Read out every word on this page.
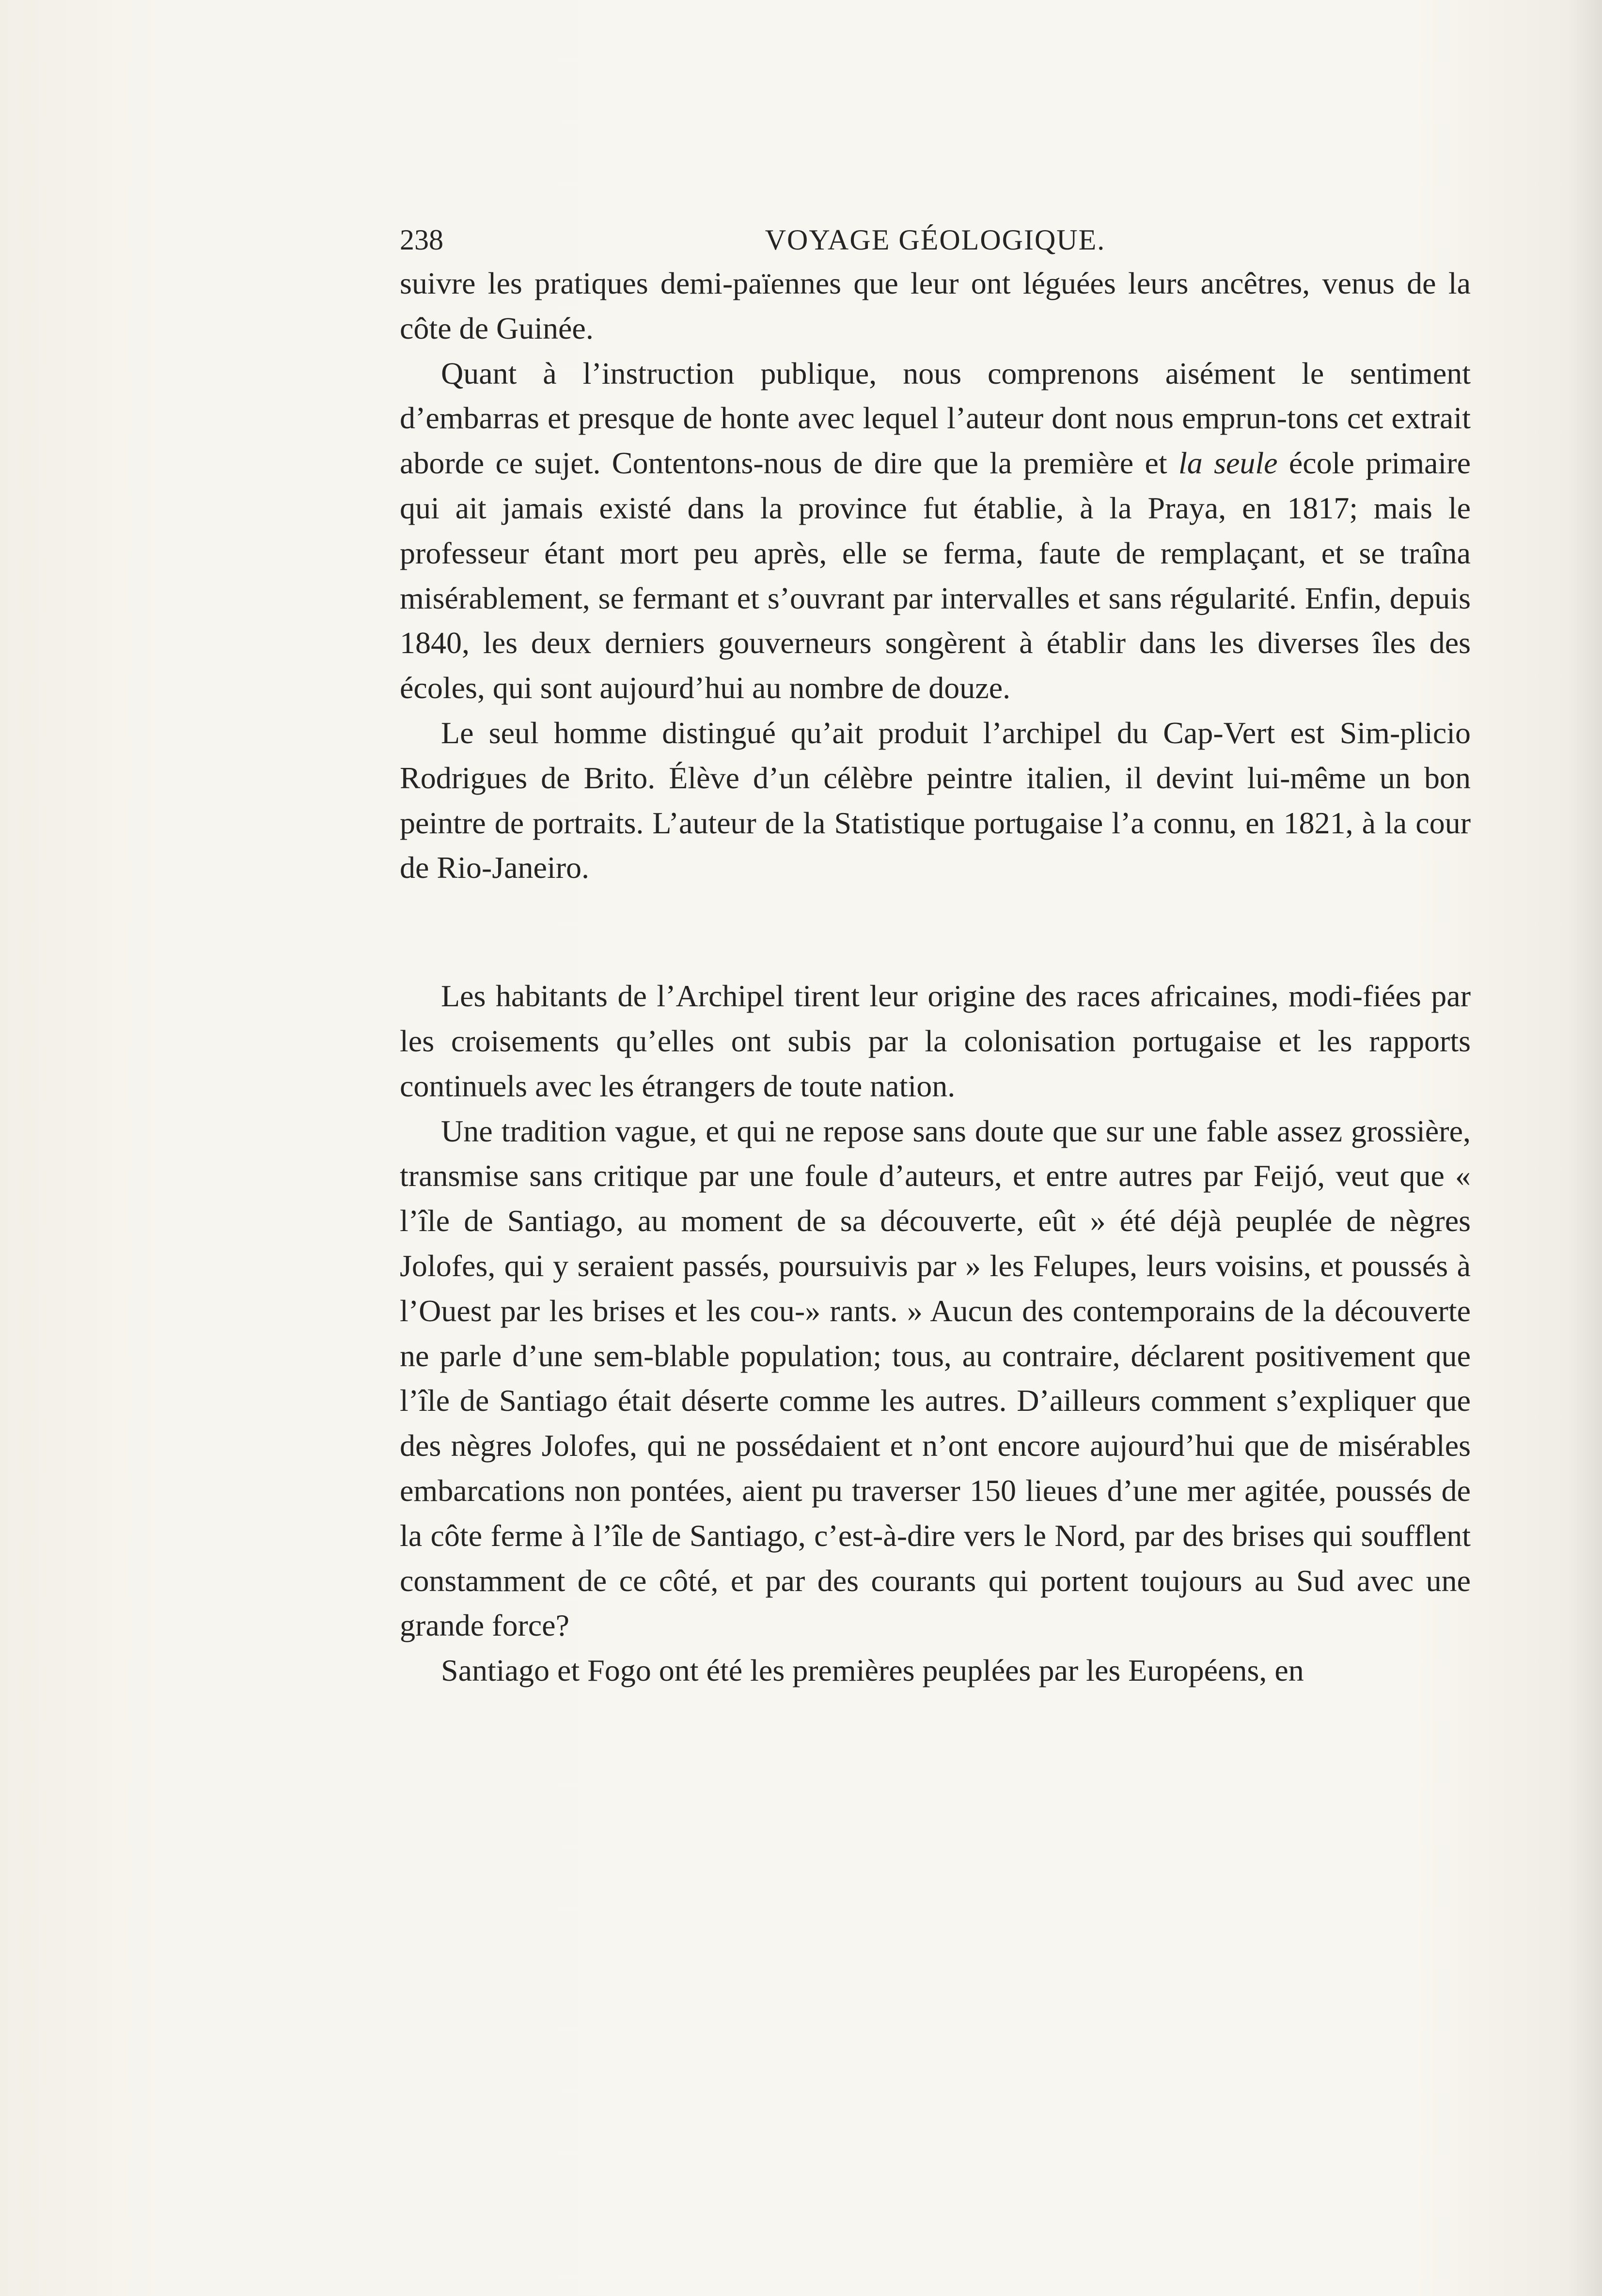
238	VOYAGE GÉOLOGIQUE.

suivre les pratiques demi-païennes que leur ont léguées leurs ancêtres, venus de la côte de Guinée.

Quant à l’instruction publique, nous comprenons aisément le sentiment d’embarras et presque de honte avec lequel l’auteur dont nous emprun-tons cet extrait aborde ce sujet. Contentons-nous de dire que la première et la seule école primaire qui ait jamais existé dans la province fut établie, à la Praya, en 1817; mais le professeur étant mort peu après, elle se ferma, faute de remplaçant, et se traîna misérablement, se fermant et s’ouvrant par intervalles et sans régularité. Enfin, depuis 1840, les deux derniers gouverneurs songèrent à établir dans les diverses îles des écoles, qui sont aujourd’hui au nombre de douze.

Le seul homme distingué qu’ait produit l’archipel du Cap-Vert est Sim-plicio Rodrigues de Brito. Élève d’un célèbre peintre italien, il devint lui-même un bon peintre de portraits. L’auteur de la Statistique portugaise l’a connu, en 1821, à la cour de Rio-Janeiro.

Les habitants de l’Archipel tirent leur origine des races africaines, modi-fiées par les croisements qu’elles ont subis par la colonisation portugaise et les rapports continuels avec les étrangers de toute nation.

Une tradition vague, et qui ne repose sans doute que sur une fable assez grossière, transmise sans critique par une foule d’auteurs, et entre autres par Feijó, veut que « l’île de Santiago, au moment de sa découverte, eût » été déjà peuplée de nègres Jolofes, qui y seraient passés, poursuivis par » les Felupes, leurs voisins, et poussés à l’Ouest par les brises et les cou-» rants. » Aucun des contemporains de la découverte ne parle d’une sem-blable population; tous, au contraire, déclarent positivement que l’île de Santiago était déserte comme les autres. D’ailleurs comment s’expliquer que des nègres Jolofes, qui ne possédaient et n’ont encore aujourd’hui que de misérables embarcations non pontées, aient pu traverser 150 lieues d’une mer agitée, poussés de la côte ferme à l’île de Santiago, c’est-à-dire vers le Nord, par des brises qui soufflent constamment de ce côté, et par des courants qui portent toujours au Sud avec une grande force?

Santiago et Fogo ont été les premières peuplées par les Européens, en
